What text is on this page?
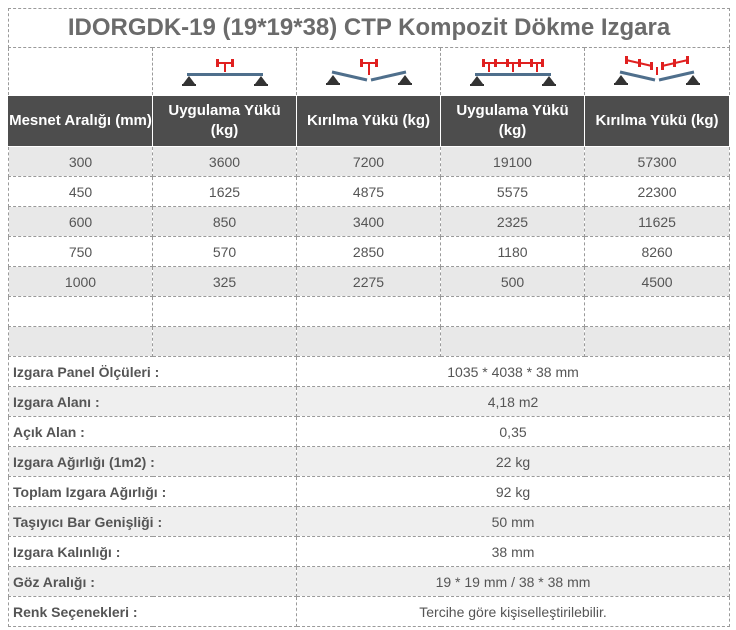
IDORGDK-19 (19*19*38) CTP Kompozit Dökme Izgara				

Mesnet Aralığı (mm)	Uygulama Yükü (kg)	Kırılma Yükü (kg)	Uygulama Yükü (kg)	Kırılma Yükü (kg)
300	3600	7200	19100	57300
450	1625	4875	5575	22300
600	850	3400	2325	11625
750	570	2850	1180	8260
1000	325	2275	500	4500

Izgara Panel Ölçüleri :		1035 * 4038 * 38 mm		
Izgara Alanı :		4,18 m2		
Açık Alan :		0,35		
Izgara Ağırlığı (1m2) :		22 kg		
Toplam Izgara Ağırlığı :		92 kg		
Taşıyıcı Bar Genişliği :		50 mm		
Izgara Kalınlığı :		38 mm		
Göz Aralığı :		19 * 19 mm / 38 * 38 mm		
Renk Seçenekleri :		Tercihe göre kişiselleştirilebilir.		
